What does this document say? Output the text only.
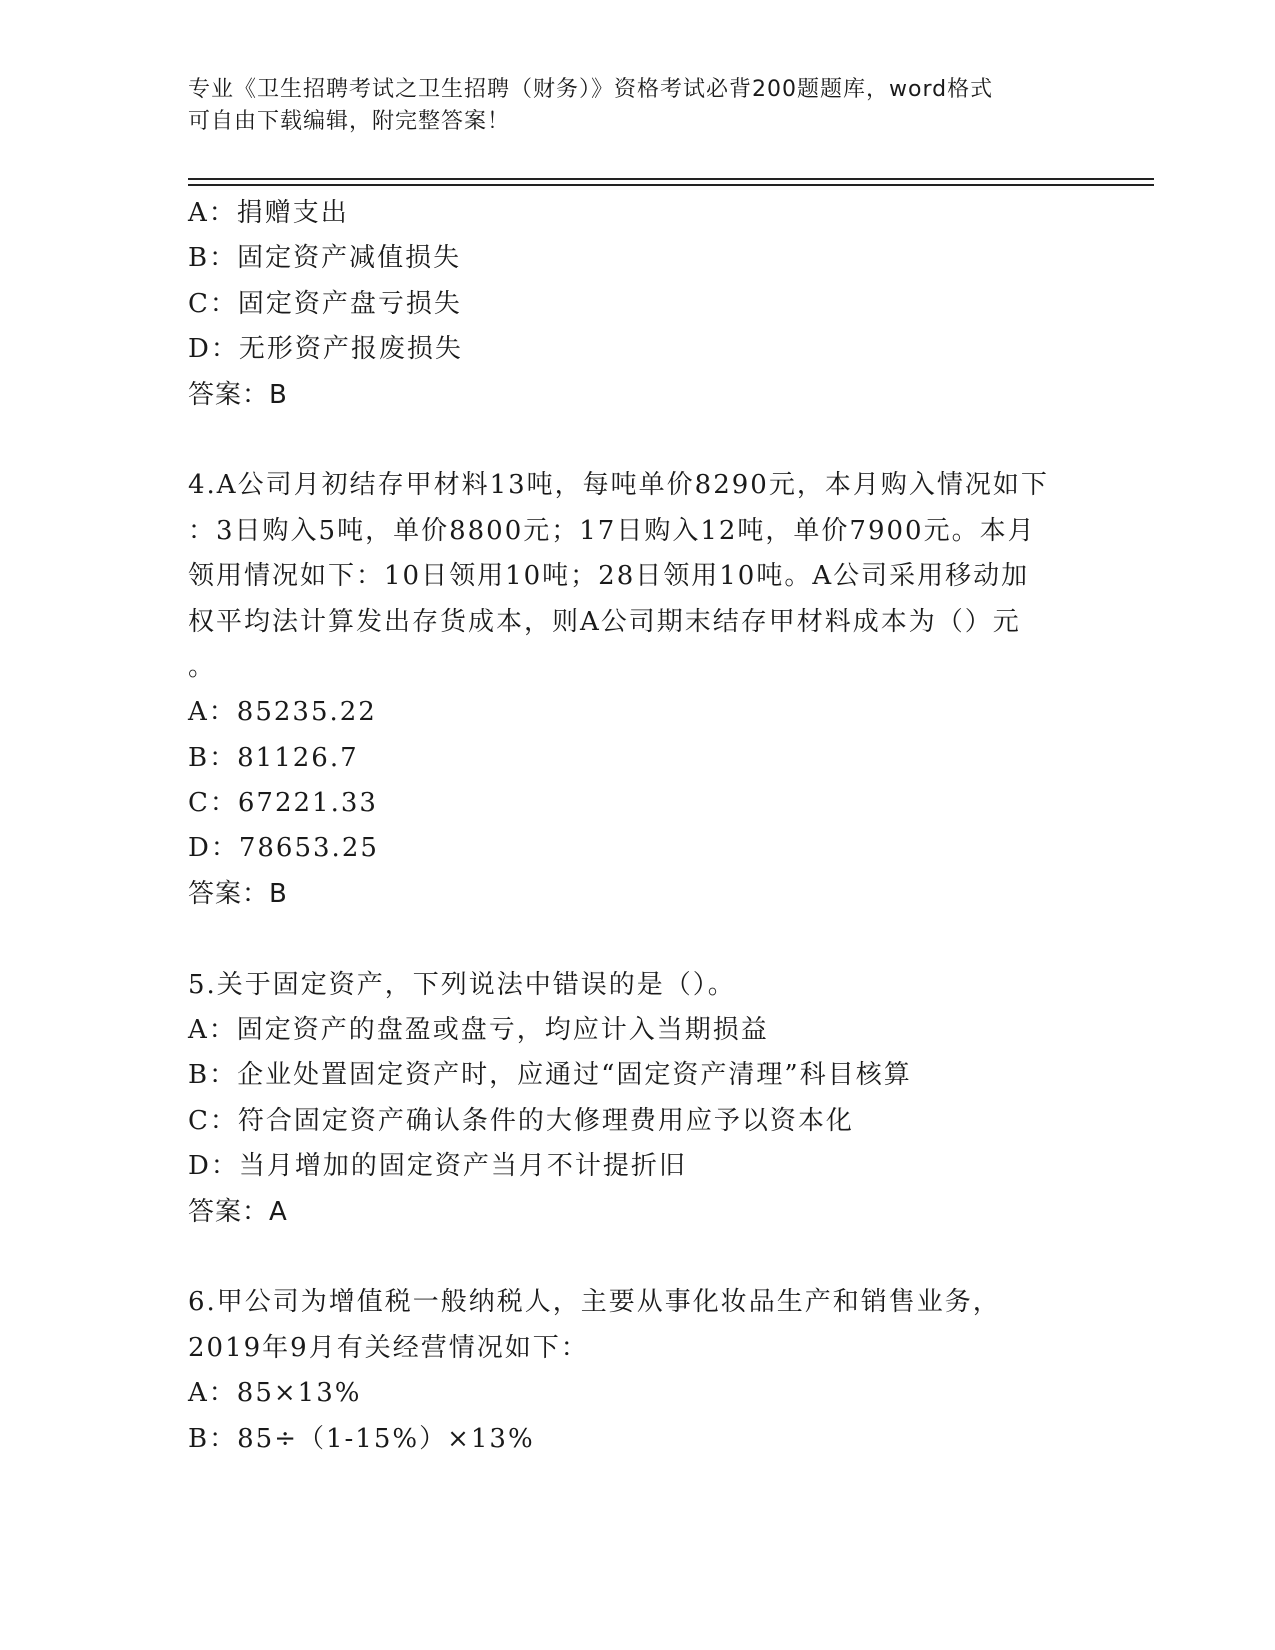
专业《卫生招聘考试之卫生招聘（财务）》资格考试必背200题题库，word格式
可自由下载编辑，附完整答案！
A：捐赠支出
B：固定资产减值损失
C：固定资产盘亏损失
D：无形资产报废损失
答案：B
4.A公司月初结存甲材料13吨，每吨单价8290元，本月购入情况如下
：3日购入5吨，单价8800元；17日购入12吨，单价7900元。本月
领用情况如下：10日领用10吨；28日领用10吨。A公司采用移动加
权平均法计算发出存货成本，则A公司期末结存甲材料成本为（）元
。
A：85235.22
B：81126.7
C：67221.33
D：78653.25
答案：B
5.关于固定资产，下列说法中错误的是（）。
A：固定资产的盘盈或盘亏，均应计入当期损益
B：企业处置固定资产时，应通过“固定资产清理”科目核算
C：符合固定资产确认条件的大修理费用应予以资本化
D：当月增加的固定资产当月不计提折旧
答案：A
6.甲公司为增值税一般纳税人，主要从事化妆品生产和销售业务，
2019年9月有关经营情况如下：
A：85×13%
B：85÷（1-15%）×13%
